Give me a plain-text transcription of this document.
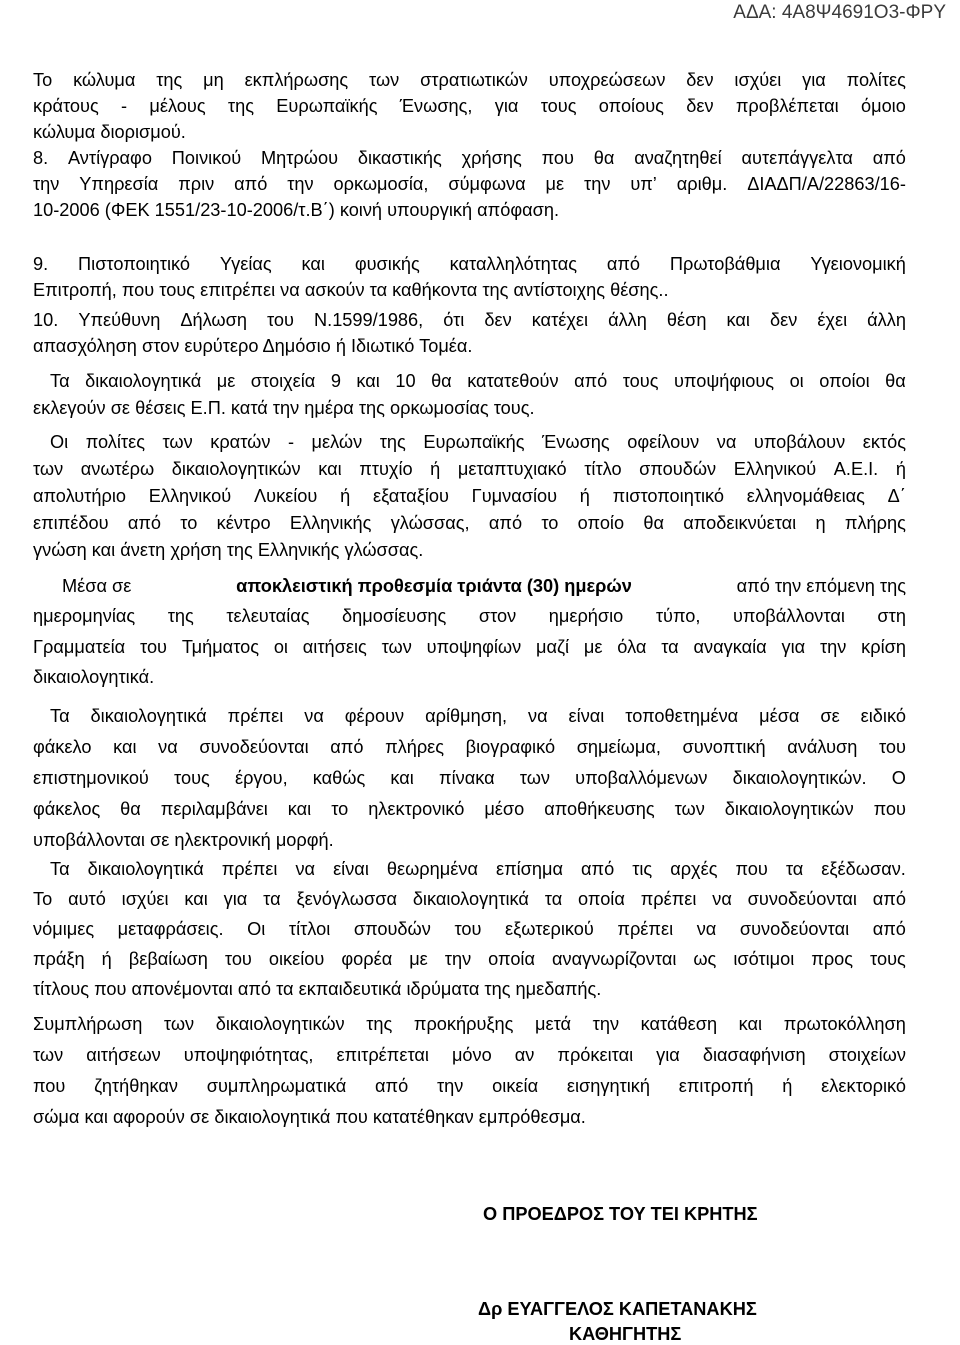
ΑΔΑ: 4Α8Ψ4691Ο3-ΦΡΥ
Το κώλυμα της μη εκπλήρωσης των στρατιωτικών υποχρεώσεων δεν ισχύει για πολίτες
κράτους - μέλους της Ευρωπαϊκής Ένωσης, για τους οποίους δεν προβλέπεται όμοιο
κώλυμα διορισμού.
8. Αντίγραφο Ποινικού Μητρώου δικαστικής χρήσης που θα αναζητηθεί αυτεπάγγελτα από
την Υπηρεσία πριν από την ορκωμοσία, σύμφωνα με την υπ’ αριθμ. ΔΙΑΔΠ/Α/22863/16-
10-2006 (ΦΕΚ 1551/23-10-2006/τ.Β΄) κοινή υπουργική απόφαση.
9. Πιστοποιητικό Υγείας και φυσικής καταλληλότητας από Πρωτοβάθμια Υγειονομική
Επιτροπή, που τους επιτρέπει να ασκούν τα καθήκοντα της αντίστοιχης θέσης..
10. Υπεύθυνη Δήλωση του Ν.1599/1986, ότι δεν κατέχει άλλη θέση και δεν έχει άλλη
απασχόληση στον ευρύτερο Δημόσιο ή Ιδιωτικό Τομέα.
Τα δικαιολογητικά με στοιχεία 9 και 10 θα κατατεθούν από τους υποψήφιους οι οποίοι θα
εκλεγούν σε θέσεις Ε.Π. κατά την ημέρα της ορκωμοσίας τους.
Οι πολίτες των κρατών - μελών της Ευρωπαϊκής Ένωσης οφείλουν να υποβάλουν εκτός
των ανωτέρω δικαιολογητικών και πτυχίο ή μεταπτυχιακό τίτλο σπουδών Ελληνικού Α.Ε.Ι. ή
απολυτήριο Ελληνικού Λυκείου ή εξαταξίου Γυμνασίου ή πιστοποιητικό ελληνομάθειας Δ΄
επιπέδου από το κέντρο Ελληνικής γλώσσας, από το οποίο θα αποδεικνύεται η πλήρης
γνώση και άνετη χρήση της Ελληνικής γλώσσας.
Μέσα σε	αποκλειστική προθεσμία τριάντα (30) ημερών	από την επόμενη της
ημερομηνίας της τελευταίας δημοσίευσης στον ημερήσιο τύπο, υποβάλλονται στη
Γραμματεία του Τμήματος οι αιτήσεις των υποψηφίων μαζί με όλα τα αναγκαία για την κρίση
δικαιολογητικά.
Τα δικαιολογητικά πρέπει να φέρουν αρίθμηση, να είναι τοποθετημένα μέσα σε ειδικό
φάκελο και να συνοδεύονται από πλήρες βιογραφικό σημείωμα, συνοπτική ανάλυση του
επιστημονικού τους έργου, καθώς και πίνακα των υποβαλλόμενων δικαιολογητικών. Ο
φάκελος θα περιλαμβάνει και το ηλεκτρονικό μέσο αποθήκευσης των δικαιολογητικών που
υποβάλλονται σε ηλεκτρονική μορφή.
Τα δικαιολογητικά πρέπει να είναι θεωρημένα επίσημα από τις αρχές που τα εξέδωσαν.
Το αυτό ισχύει και για τα ξενόγλωσσα δικαιολογητικά τα οποία πρέπει να συνοδεύονται από
νόμιμες μεταφράσεις. Οι τίτλοι σπουδών του εξωτερικού πρέπει να συνοδεύονται από
πράξη ή βεβαίωση του οικείου φορέα με την οποία αναγνωρίζονται ως ισότιμοι προς τους
τίτλους που απονέμονται από τα εκπαιδευτικά ιδρύματα της ημεδαπής.
Συμπλήρωση των δικαιολογητικών της προκήρυξης μετά την κατάθεση και πρωτοκόλληση
των αιτήσεων υποψηφιότητας, επιτρέπεται μόνο αν πρόκειται για διασαφήνιση στοιχείων
που ζητήθηκαν συμπληρωματικά από την οικεία εισηγητική επιτροπή ή ελεκτορικό
σώμα και αφορούν σε δικαιολογητικά που κατατέθηκαν εμπρόθεσμα.
Ο ΠΡΟΕΔΡΟΣ ΤΟΥ ΤΕΙ ΚΡΗΤΗΣ
Δρ ΕΥΑΓΓΕΛΟΣ ΚΑΠΕΤΑΝΑΚΗΣ
ΚΑΘΗΓΗΤΗΣ
